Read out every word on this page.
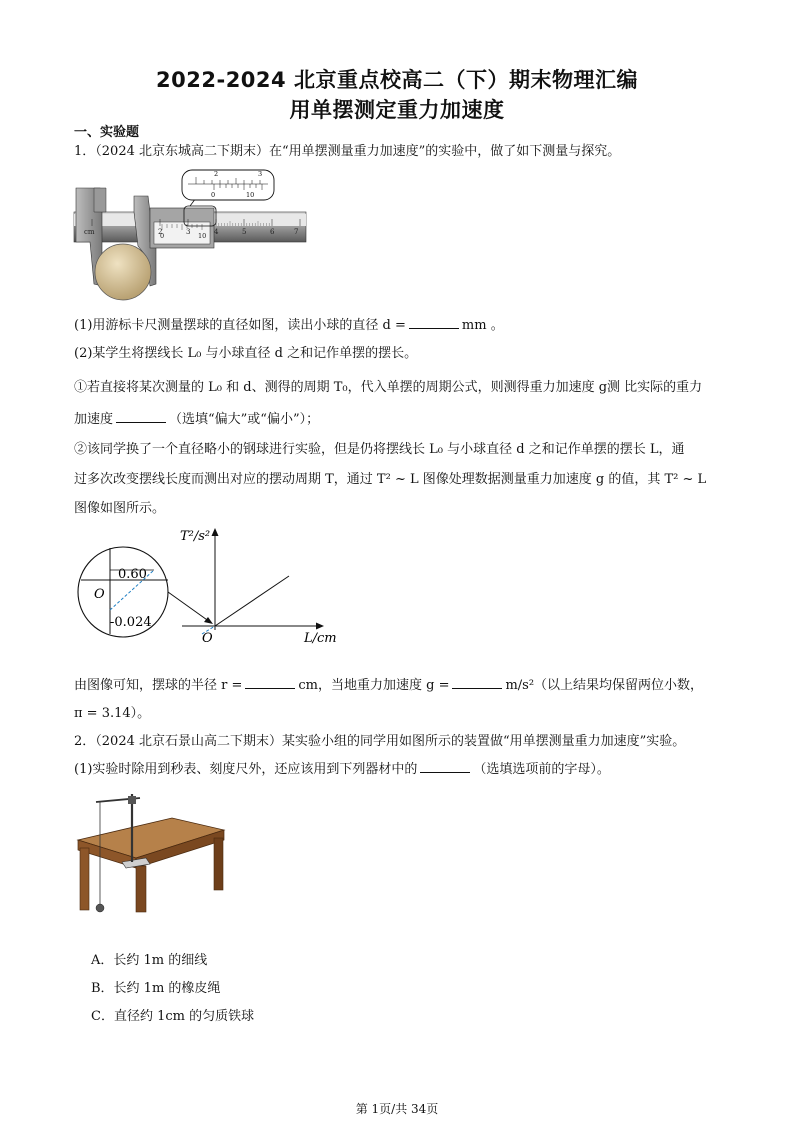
2022-2024 北京重点校高二（下）期末物理汇编
用单摆测定重力加速度
一、实验题
1．（2024 北京东城高二下期末）在“用单摆测量重力加速度”的实验中，做了如下测量与探究。
cm	2	3	4	5	6	7
0	10
2	3
0	10
(1)用游标卡尺测量摆球的直径如图，读出小球的直径 d =	mm 。
(2)某学生将摆线长 L₀ 与小球直径 d 之和记作单摆的摆长。
①若直接将某次测量的 L₀ 和 d、测得的周期 T₀，代入单摆的周期公式，则测得重力加速度 g测 比实际的重力
加速度	（选填“偏大”或“偏小”）；
②该同学换了一个直径略小的钢球进行实验，但是仍将摆线长 L₀ 与小球直径 d 之和记作单摆的摆长 L，通
过多次改变摆线长度而测出对应的摆动周期 T，通过 T² ~ L 图像处理数据测量重力加速度 g 的值，其 T² ~ L
图像如图所示。
T²/s²
L/cm
O
0.60
-0.024
O
由图像可知，摆球的半径 r =	cm，当地重力加速度 g =	m/s²（以上结果均保留两位小数，
π = 3.14）。
2．（2024 北京石景山高二下期末）某实验小组的同学用如图所示的装置做“用单摆测量重力加速度”实验。
(1)实验时除用到秒表、刻度尺外，还应该用到下列器材中的	（选填选项前的字母）。
A．长约 1m 的细线
B．长约 1m 的橡皮绳
C．直径约 1cm 的匀质铁球
第 1页/共 34页
